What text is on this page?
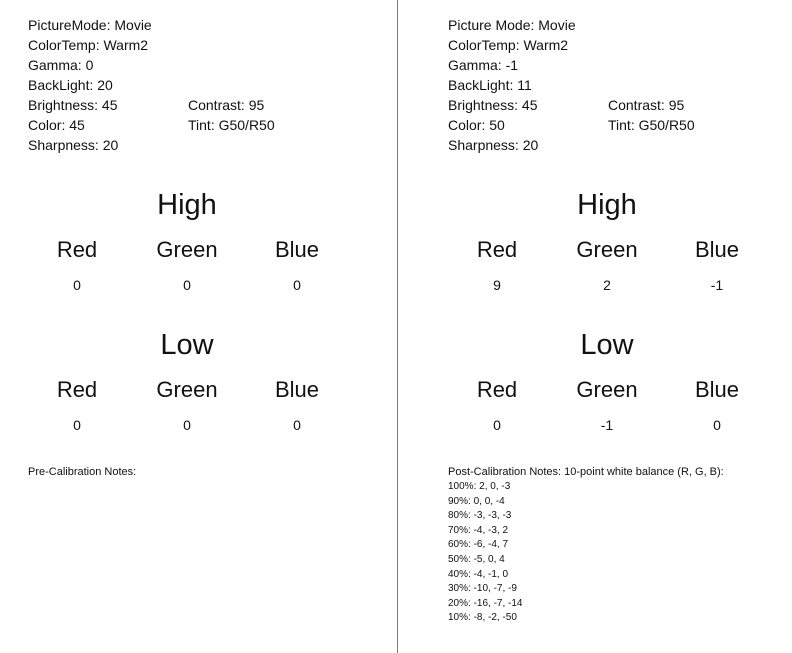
PictureMode: Movie
ColorTemp: Warm2
Gamma: 0
BackLight: 20
Brightness: 45	Contrast: 95
Color: 45	Tint: G50/R50
Sharpness: 20
High
Red	Green	Blue
0	0	0
Low
Red	Green	Blue
0	0	0
Pre-Calibration Notes:
Picture Mode: Movie
ColorTemp: Warm2
Gamma: -1
BackLight: 11
Brightness: 45	Contrast: 95
Color: 50	Tint: G50/R50
Sharpness: 20
High
Red	Green	Blue
9	2	-1
Low
Red	Green	Blue
0	-1	0
Post-Calibration Notes: 10-point white balance (R, G, B):
100%: 2, 0, -3
90%: 0, 0, -4
80%: -3, -3, -3
70%: -4, -3, 2
60%: -6, -4, 7
50%: -5, 0, 4
40%: -4, -1, 0
30%: -10, -7, -9
20%: -16, -7, -14
10%: -8, -2, -50
